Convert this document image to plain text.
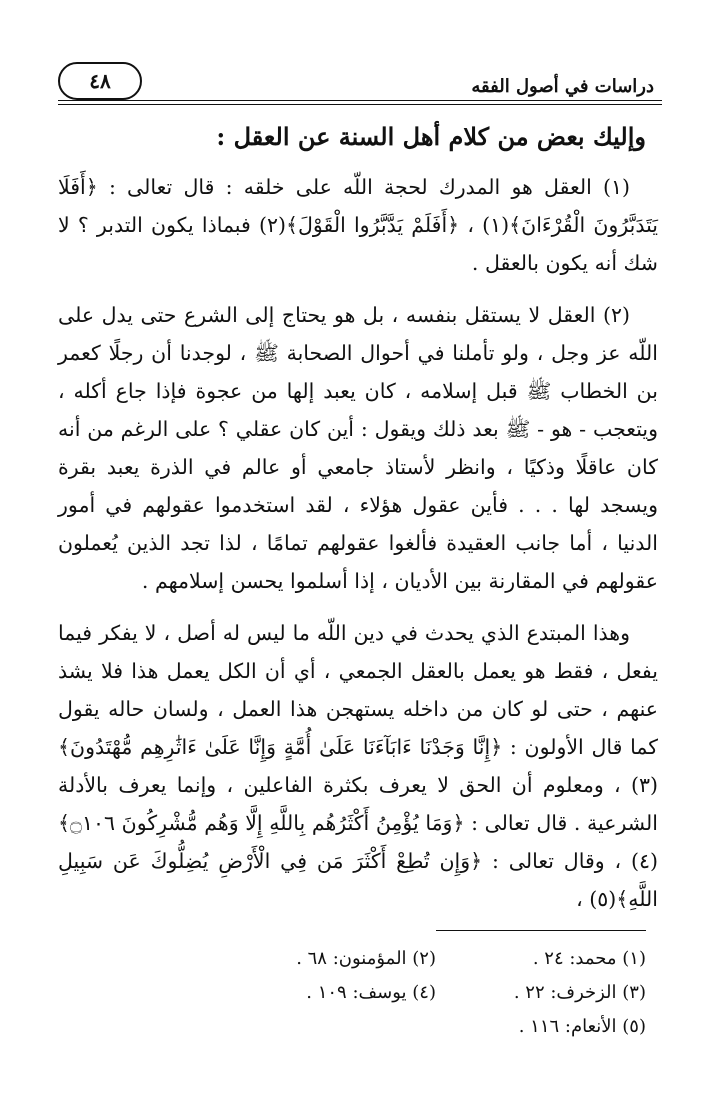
دراسات في أصول الفقه
٤٨
وإليك بعض من كلام أهل السنة عن العقل :

(١) العقل هو المدرك لحجة اللّه على خلقه : قال تعالى : ﴿أَفَلَا يَتَدَبَّرُونَ الْقُرْءَانَ﴾(١) ، ﴿أَفَلَمْ يَدَّبَّرُوا الْقَوْلَ﴾(٢) فبماذا يكون التدبر ؟ لا شك أنه يكون بالعقل .

(٢) العقل لا يستقل بنفسه ، بل هو يحتاج إلى الشرع حتى يدل على اللّه عز وجل ، ولو تأملنا في أحوال الصحابة ﷺ ، لوجدنا أن رجلًا كعمر بن الخطاب ﷺ قبل إسلامه ، كان يعبد إلها من عجوة فإذا جاع أكله ، ويتعجب - هو - ﷺ بعد ذلك ويقول : أين كان عقلي ؟ على الرغم من أنه كان عاقلًا وذكيًا ، وانظر لأستاذ جامعي أو عالم في الذرة يعبد بقرة ويسجد لها . . . فأين عقول هؤلاء ، لقد استخدموا عقولهم في أمور الدنيا ، أما جانب العقيدة فألغوا عقولهم تمامًا ، لذا تجد الذين يُعملون عقولهم في المقارنة بين الأديان ، إذا أسلموا يحسن إسلامهم .

وهذا المبتدع الذي يحدث في دين اللّه ما ليس له أصل ، لا يفكر فيما يفعل ، فقط هو يعمل بالعقل الجمعي ، أي أن الكل يعمل هذا فلا يشذ عنهم ، حتى لو كان من داخله يستهجن هذا العمل ، ولسان حاله يقول كما قال الأولون : ﴿إِنَّا وَجَدْنَا ءَابَآءَنَا عَلَىٰ أُمَّةٍ وَإِنَّا عَلَىٰ ءَاثَٰرِهِم مُّهْتَدُونَ﴾(٣) ، ومعلوم أن الحق لا يعرف بكثرة الفاعلين ، وإنما يعرف بالأدلة الشرعية . قال تعالى : ﴿وَمَا يُؤْمِنُ أَكْثَرُهُم بِاللَّهِ إِلَّا وَهُم مُّشْرِكُونَ ۝١٠٦﴾(٤) ، وقال تعالى : ﴿وَإِن تُطِعْ أَكْثَرَ مَن فِي الْأَرْضِ يُضِلُّوكَ عَن سَبِيلِ اللَّهِ﴾(٥) ،

(١) محمد: ٢٤ .
(٢) المؤمنون: ٦٨ .
(٣) الزخرف: ٢٢ .
(٤) يوسف: ١٠٩ .
(٥) الأنعام: ١١٦ .
